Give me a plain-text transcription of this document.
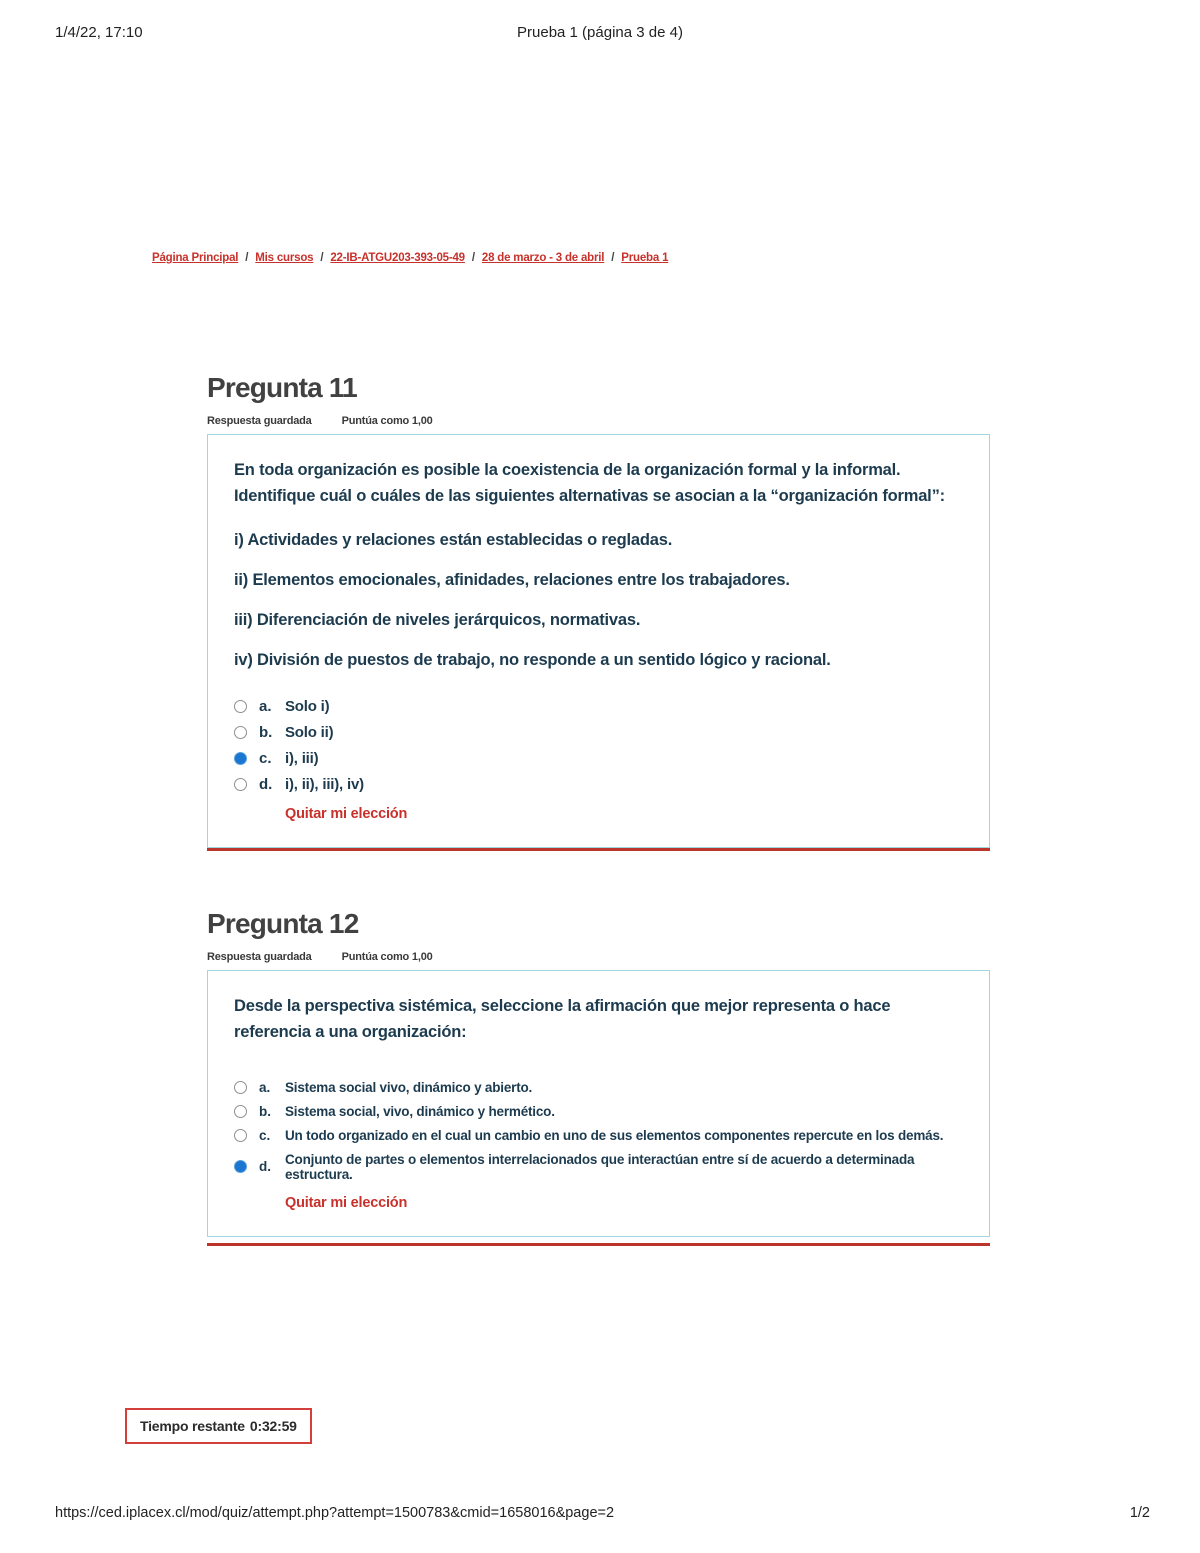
1/4/22, 17:10	Prueba 1 (página 3 de 4)
Página Principal / Mis cursos / 22-IB-ATGU203-393-05-49 / 28 de marzo - 3 de abril / Prueba 1
Pregunta 11
Respuesta guardada	Puntúa como 1,00

En toda organización es posible la coexistencia de la organización formal y la informal. Identifique cuál o cuáles de las siguientes alternativas se asocian a la “organización formal”:

i) Actividades y relaciones están establecidas o regladas.

ii) Elementos emocionales, afinidades, relaciones entre los trabajadores.

iii) Diferenciación de niveles jerárquicos, normativas.

iv) División de puestos de trabajo, no responde a un sentido lógico y racional.

a. Solo i)
b. Solo ii)
c. i), iii)
d. i), ii), iii), iv)
Quitar mi elección
Pregunta 12
Respuesta guardada	Puntúa como 1,00

Desde la perspectiva sistémica, seleccione la afirmación que mejor representa o hace referencia a una organización:

a.	Sistema social vivo, dinámico y abierto.
b.	Sistema social, vivo, dinámico y hermético.
c.	Un todo organizado en el cual un cambio en uno de sus elementos componentes repercute en los demás.
d.	Conjunto de partes o elementos interrelacionados que interactúan entre sí de acuerdo a determinada estructura.
Quitar mi elección
Tiempo restante 0:32:59
https://ced.iplacex.cl/mod/quiz/attempt.php?attempt=1500783&cmid=1658016&page=2	1/2
